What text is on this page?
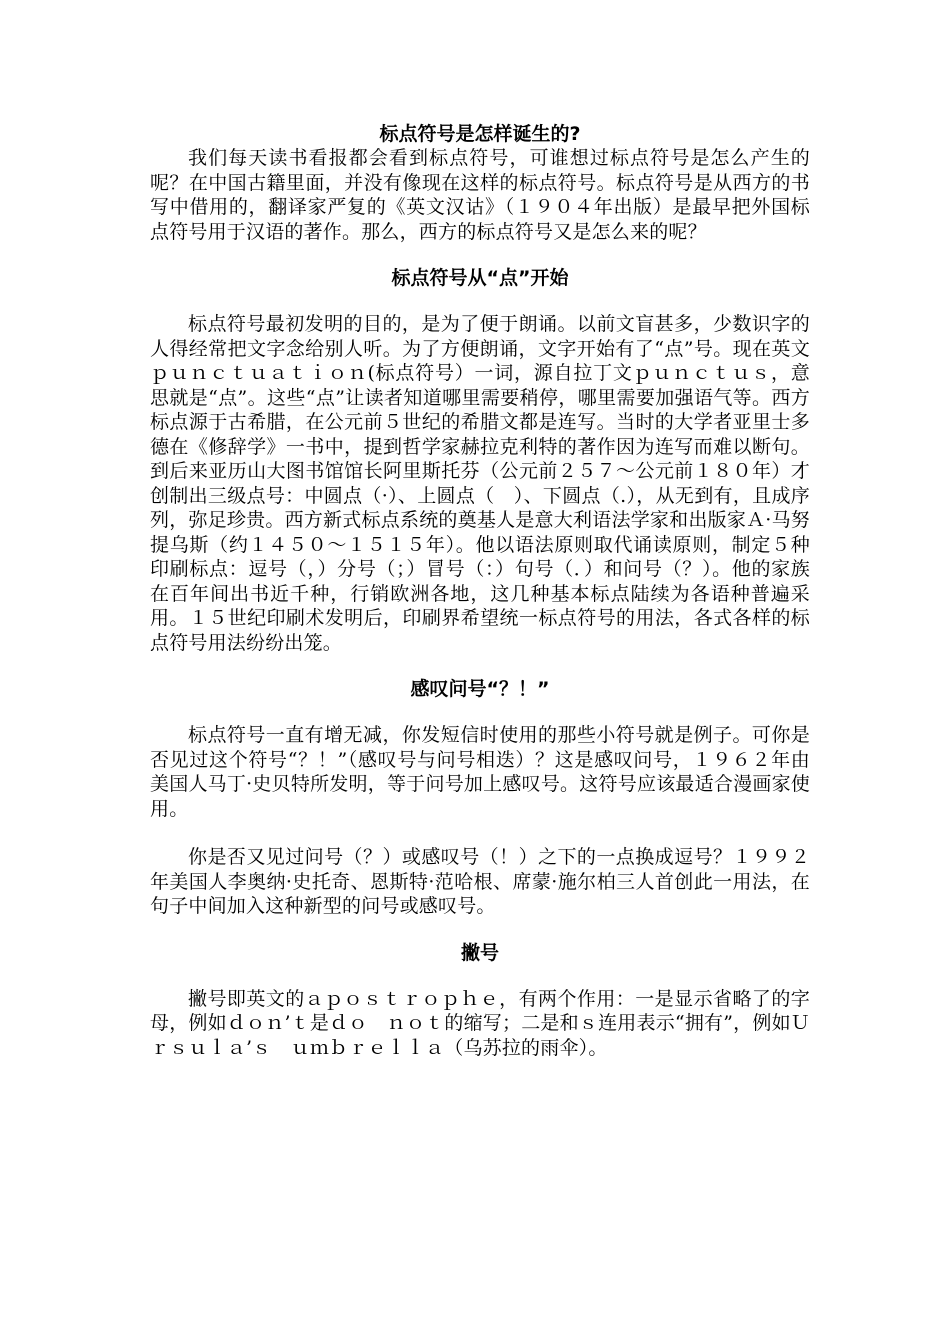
标点符号是怎样诞生的?

我们每天读书看报都会看到标点符号，可谁想过标点符号是怎么产生的呢？在中国古籍里面，并没有像现在这样的标点符号。标点符号是从西方的书写中借用的，翻译家严复的《英文汉诂》（１９０４年出版）是最早把外国标点符号用于汉语的著作。那么，西方的标点符号又是怎么来的呢？

标点符号从“点”开始

标点符号最初发明的目的，是为了便于朗诵。以前文盲甚多，少数识字的人得经常把文字念给别人听。为了方便朗诵，文字开始有了“点”号。现在英文ｐｕｎｃｔｕａｔｉｏｎ(标点符号）一词，源自拉丁文ｐｕｎｃｔｕｓ，意思就是“点”。这些“点”让读者知道哪里需要稍停，哪里需要加强语气等。西方标点源于古希腊，在公元前５世纪的希腊文都是连写。当时的大学者亚里士多德在《修辞学》一书中，提到哲学家赫拉克利特的著作因为连写而难以断句。到后来亚历山大图书馆馆长阿里斯托芬（公元前２５７～公元前１８０年）才创制出三级点号：中圆点（·）、上圆点（　）、下圆点（.），从无到有，且成序列，弥足珍贵。西方新式标点系统的奠基人是意大利语法学家和出版家Ａ·马努提乌斯（约１４５０～１５１５年）。他以语法原则取代诵读原则，制定５种印刷标点：逗号（，）分号（；）冒号（：）句号（．）和问号（？）。他的家族在百年间出书近千种，行销欧洲各地，这几种基本标点陆续为各语种普遍采用。１５世纪印刷术发明后，印刷界希望统一标点符号的用法，各式各样的标点符号用法纷纷出笼。

感叹问号“？！”

标点符号一直有增无减，你发短信时使用的那些小符号就是例子。可你是否见过这个符号“？！”（感叹号与问号相迭）？这是感叹问号，１９６２年由美国人马丁·史贝特所发明，等于问号加上感叹号。这符号应该最适合漫画家使用。

你是否又见过问号（？）或感叹号（！）之下的一点换成逗号？１９９２年美国人李奥纳·史托奇、恩斯特·范哈根、席蒙·施尔柏三人首创此一用法，在句子中间加入这种新型的问号或感叹号。

撇号

撇号即英文的ａｐｏｓｔｒｏｐｈｅ，有两个作用：一是显示省略了的字母，例如ｄｏｎ’ｔ是ｄｏ　ｎｏｔ的缩写；二是和ｓ连用表示“拥有”，例如Ｕｒｓｕｌａ’ｓ　ｕｍｂｒｅｌｌａ（乌苏拉的雨伞）。
